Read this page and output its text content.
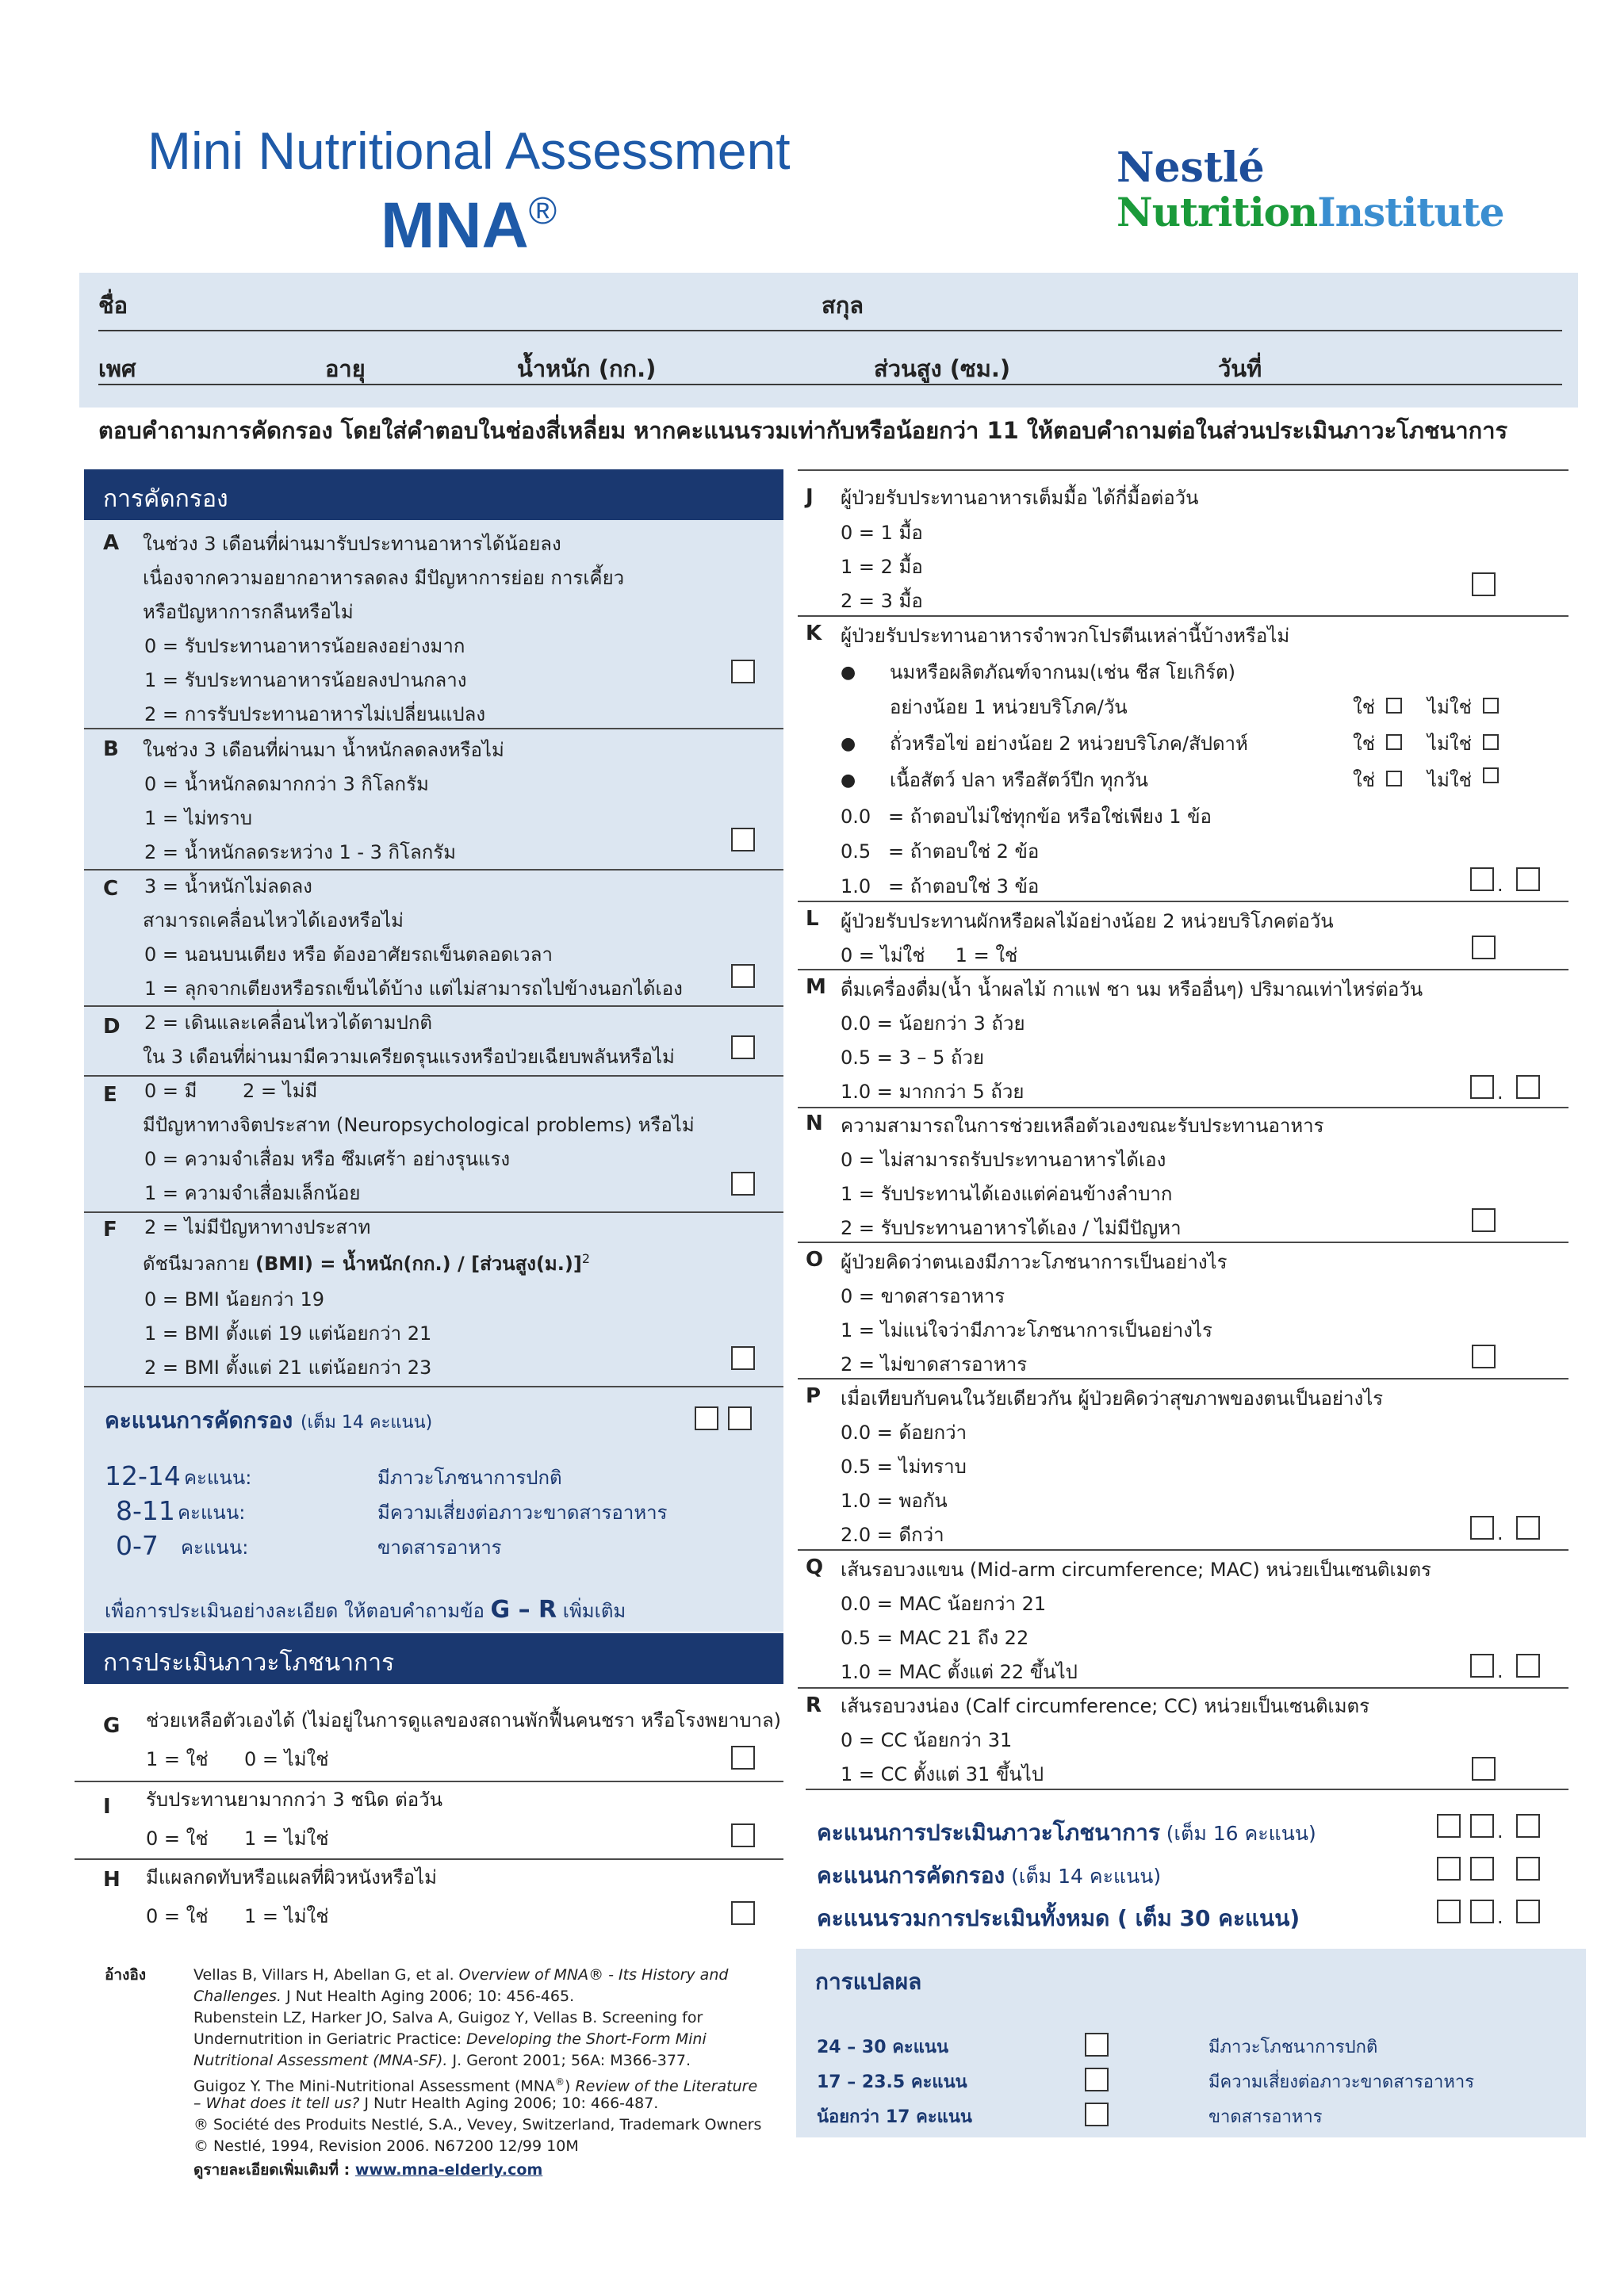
Mini Nutritional Assessment
MNA®
Nestlé
NutritionInstitute
ชื่อ	สกุล
เพศ	อายุ	น้ำหนัก (กก.)	ส่วนสูง (ซม.)	วันที่
ตอบคำถามการคัดกรอง โดยใส่คำตอบในช่องสี่เหลี่ยม หากคะแนนรวมเท่ากับหรือน้อยกว่า 11 ให้ตอบคำถามต่อในส่วนประเมินภาวะโภชนาการ
การคัดกรอง
การประเมินภาวะโภชนาการ
A ในช่วง 3 เดือนที่ผ่านมารับประทานอาหารได้น้อยลง
เนื่องจากความอยากอาหารลดลง มีปัญหาการย่อย การเคี้ยว
หรือปัญหาการกลืนหรือไม่
0 = รับประทานอาหารน้อยลงอย่างมาก
1 = รับประทานอาหารน้อยลงปานกลาง
2 = การรับประทานอาหารไม่เปลี่ยนแปลง
B ในช่วง 3 เดือนที่ผ่านมา น้ำหนักลดลงหรือไม่
0 = น้ำหนักลดมากกว่า 3 กิโลกรัม
1 = ไม่ทราบ
2 = น้ำหนักลดระหว่าง 1 - 3 กิโลกรัม
C 3 = น้ำหนักไม่ลดลง
สามารถเคลื่อนไหวได้เองหรือไม่
0 = นอนบนเตียง หรือ ต้องอาศัยรถเข็นตลอดเวลา
1 = ลุกจากเตียงหรือรถเข็นได้บ้าง แต่ไม่สามารถไปข้างนอกได้เอง
D 2 = เดินและเคลื่อนไหวได้ตามปกติ
ใน 3 เดือนที่ผ่านมามีความเครียดรุนแรงหรือป่วยเฉียบพลันหรือไม่
E 0 = มี 2 = ไม่มี
มีปัญหาทางจิตประสาท (Neuropsychological problems) หรือไม่
0 = ความจำเสื่อม หรือ ซึมเศร้า อย่างรุนแรง
1 = ความจำเสื่อมเล็กน้อย
F 2 = ไม่มีปัญหาทางประสาท
ดัชนีมวลกาย (BMI) = น้ำหนัก(กก.) / [ส่วนสูง(ม.)]$^2$
0 = BMI น้อยกว่า 19
1 = BMI ตั้งแต่ 19 แต่น้อยกว่า 21
2 = BMI ตั้งแต่ 21 แต่น้อยกว่า 23
คะแนนการคัดกรอง (เต็ม 14 คะแนน)
12-14 คะแนน:	มีภาวะโภชนาการปกติ
8-11 คะแนน:	มีความเสี่ยงต่อภาวะขาดสารอาหาร
0-7 คะแนน:	ขาดสารอาหาร
เพื่อการประเมินอย่างละเอียด ให้ตอบคำถามข้อ G – R เพิ่มเติม
G ช่วยเหลือตัวเองได้ (ไม่อยู่ในการดูแลของสถานพักฟื้นคนชรา หรือโรงพยาบาล)
1 = ใช่ 0 = ไม่ใช่
I รับประทานยามากกว่า 3 ชนิด ต่อวัน
0 = ใช่ 1 = ไม่ใช่
H มีแผลกดทับหรือแผลที่ผิวหนังหรือไม่
0 = ใช่ 1 = ไม่ใช่
อ้างอิง	Vellas B, Villars H, Abellan G, et al. Overview of MNA® - Its History and
Challenges. J Nut Health Aging 2006; 10: 456-465.
Rubenstein LZ, Harker JO, Salva A, Guigoz Y, Vellas B. Screening for
Undernutrition in Geriatric Practice: Developing the Short-Form Mini
Nutritional Assessment (MNA-SF). J. Geront 2001; 56A: M366-377.
Guigoz Y. The Mini-Nutritional Assessment (MNA®) Review of the Literature
– What does it tell us? J Nutr Health Aging 2006; 10: 466-487.
® Société des Produits Nestlé, S.A., Vevey, Switzerland, Trademark Owners
© Nestlé, 1994, Revision 2006. N67200 12/99 10M
ดูรายละเอียดเพิ่มเติมที่ : www.mna-elderly.com
J ผู้ป่วยรับประทานอาหารเต็มมื้อ ได้กี่มื้อต่อวัน
0 = 1 มื้อ
1 = 2 มื้อ
2 = 3 มื้อ
K ผู้ป่วยรับประทานอาหารจำพวกโปรตีนเหล่านี้บ้างหรือไม่
● นมหรือผลิตภัณฑ์จากนม(เช่น ชีส โยเกิร์ต)
อย่างน้อย 1 หน่วยบริโภค/วัน	ใช่	ไม่ใช่
● ถั่วหรือไข่ อย่างน้อย 2 หน่วยบริโภค/สัปดาห์	ใช่	ไม่ใช่
● เนื้อสัตว์ ปลา หรือสัตว์ปีก ทุกวัน	ใช่	ไม่ใช่
0.0 = ถ้าตอบไม่ใช่ทุกข้อ หรือใช่เพียง 1 ข้อ
0.5 = ถ้าตอบใช่ 2 ข้อ
1.0 = ถ้าตอบใช่ 3 ข้อ	.
L ผู้ป่วยรับประทานผักหรือผลไม้อย่างน้อย 2 หน่วยบริโภคต่อวัน
0 = ไม่ใช่     1 = ใช่
M ดื่มเครื่องดื่ม(น้ำ น้ำผลไม้ กาแฟ ชา นม หรืออื่นๆ) ปริมาณเท่าไหร่ต่อวัน
0.0 = น้อยกว่า 3 ถ้วย
0.5 = 3 – 5 ถ้วย
1.0 = มากกว่า 5 ถ้วย	.
N ความสามารถในการช่วยเหลือตัวเองขณะรับประทานอาหาร
0 = ไม่สามารถรับประทานอาหารได้เอง
1 = รับประทานได้เองแต่ค่อนข้างลำบาก
2 = รับประทานอาหารได้เอง / ไม่มีปัญหา
O ผู้ป่วยคิดว่าตนเองมีภาวะโภชนาการเป็นอย่างไร
0 = ขาดสารอาหาร
1 = ไม่แน่ใจว่ามีภาวะโภชนาการเป็นอย่างไร
2 = ไม่ขาดสารอาหาร
P เมื่อเทียบกับคนในวัยเดียวกัน ผู้ป่วยคิดว่าสุขภาพของตนเป็นอย่างไร
0.0 = ด้อยกว่า
0.5 = ไม่ทราบ
1.0 = พอกัน
2.0 = ดีกว่า	.
Q เส้นรอบวงแขน (Mid-arm circumference; MAC) หน่วยเป็นเซนติเมตร
0.0 = MAC น้อยกว่า 21
0.5 = MAC 21 ถึง 22
1.0 = MAC ตั้งแต่ 22 ขึ้นไป	.
R เส้นรอบวงน่อง (Calf circumference; CC) หน่วยเป็นเซนติเมตร
0 = CC น้อยกว่า 31
1 = CC ตั้งแต่ 31 ขึ้นไป
คะแนนการประเมินภาวะโภชนาการ (เต็ม 16 คะแนน)	.
คะแนนการคัดกรอง (เต็ม 14 คะแนน)
คะแนนรวมการประเมินทั้งหมด ( เต็ม 30 คะแนน)	.
การแปลผล
24 – 30 คะแนน	มีภาวะโภชนาการปกติ
17 – 23.5 คะแนน	มีความเสี่ยงต่อภาวะขาดสารอาหาร
น้อยกว่า 17 คะแนน	ขาดสารอาหาร
